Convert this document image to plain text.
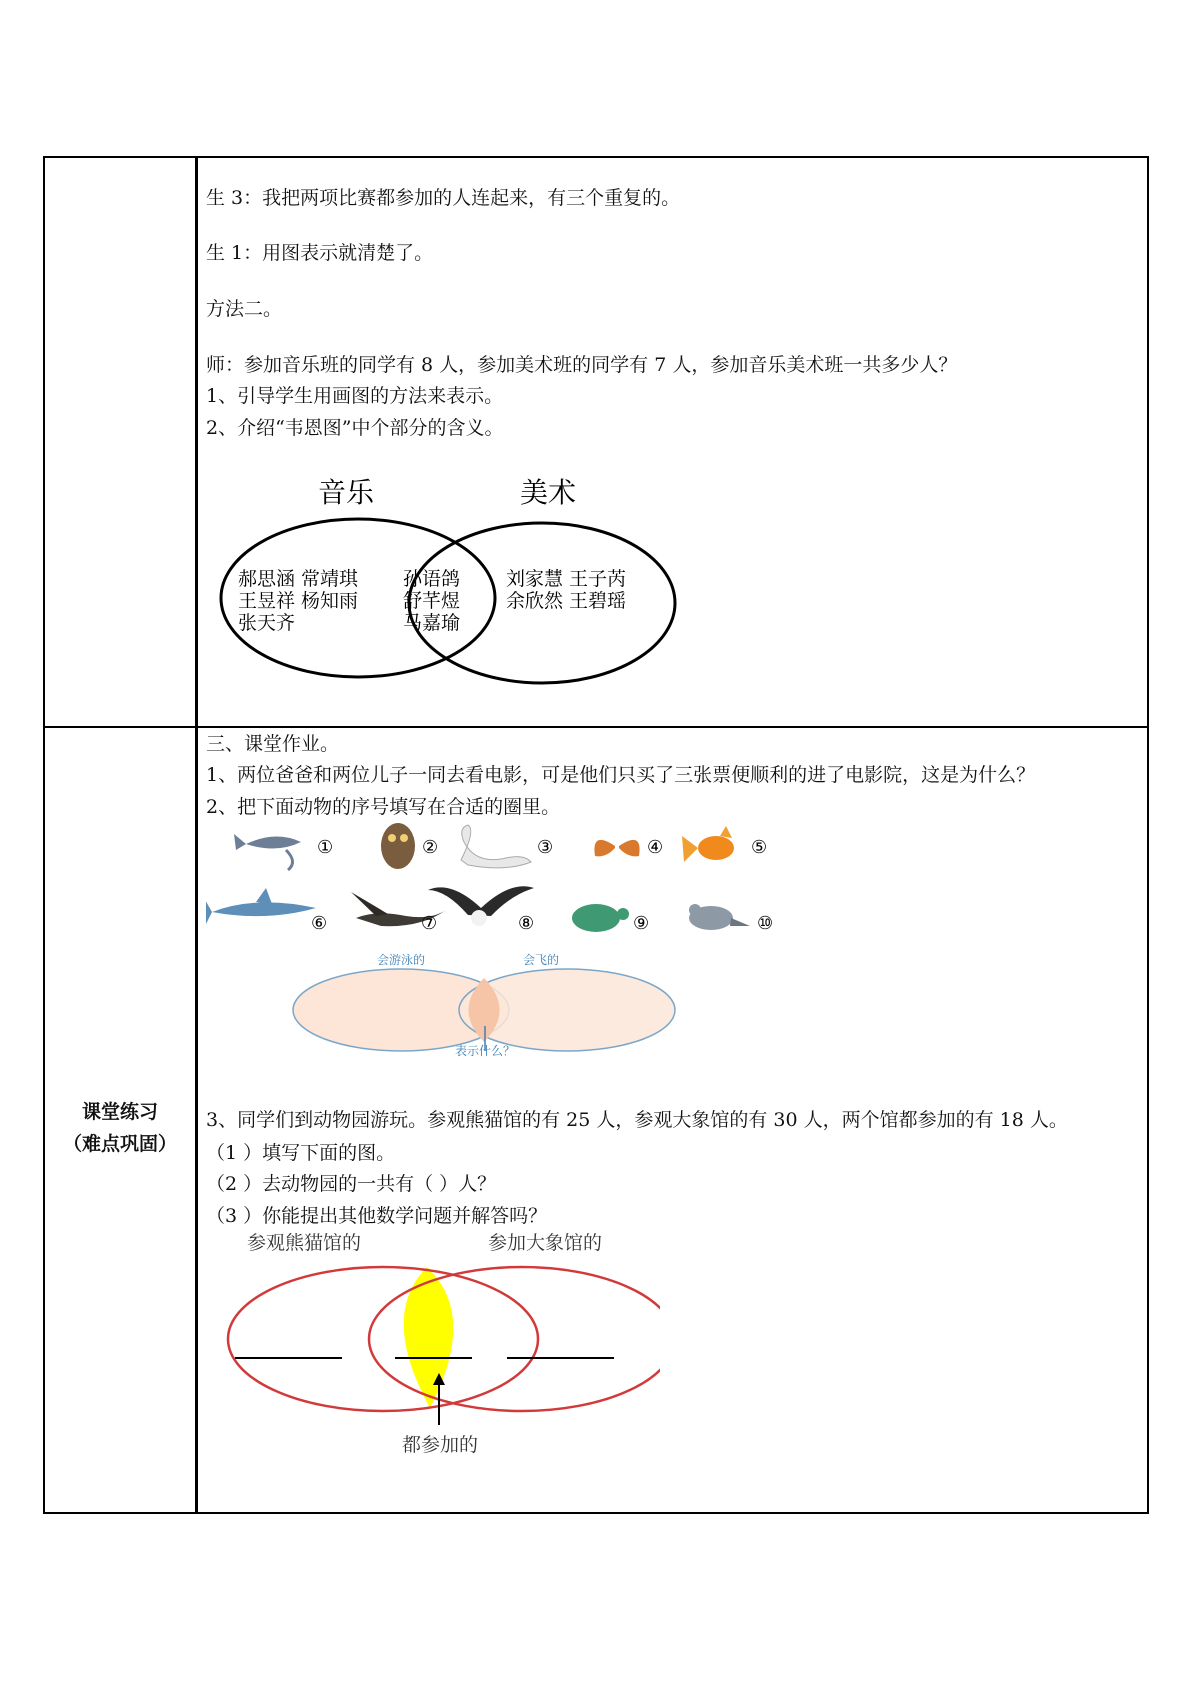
课堂练习
（难点巩固）
生 3：我把两项比赛都参加的人连起来，有三个重复的。
生 1：用图表示就清楚了。
方法二。
师：参加音乐班的同学有 8 人，参加美术班的同学有 7 人，参加音乐美术班一共多少人？
1、引导学生用画图的方法来表示。
2、介绍“韦恩图”中个部分的含义。
音乐	美术
郝思涵 常靖琪
王昱祥 杨知雨
张天齐
孙语鸽
舒芊煜
马嘉瑜
刘家慧 王子芮
余欣然 王碧瑶
三、课堂作业。
1、两位爸爸和两位儿子一同去看电影，可是他们只买了三张票便顺利的进了电影院，这是为什么？
2、把下面动物的序号填写在合适的圈里。
①	②	③	④	⑤
⑥	⑦	⑧	⑨	⑩
会游泳的	会飞的
表示什么？
3、同学们到动物园游玩。参观熊猫馆的有 25 人，参观大象馆的有 30 人，两个馆都参加的有 18 人。
（1 ）填写下面的图。
（2 ）去动物园的一共有（ ）人？
（3 ）你能提出其他数学问题并解答吗？
参观熊猫馆的	参加大象馆的
都参加的
